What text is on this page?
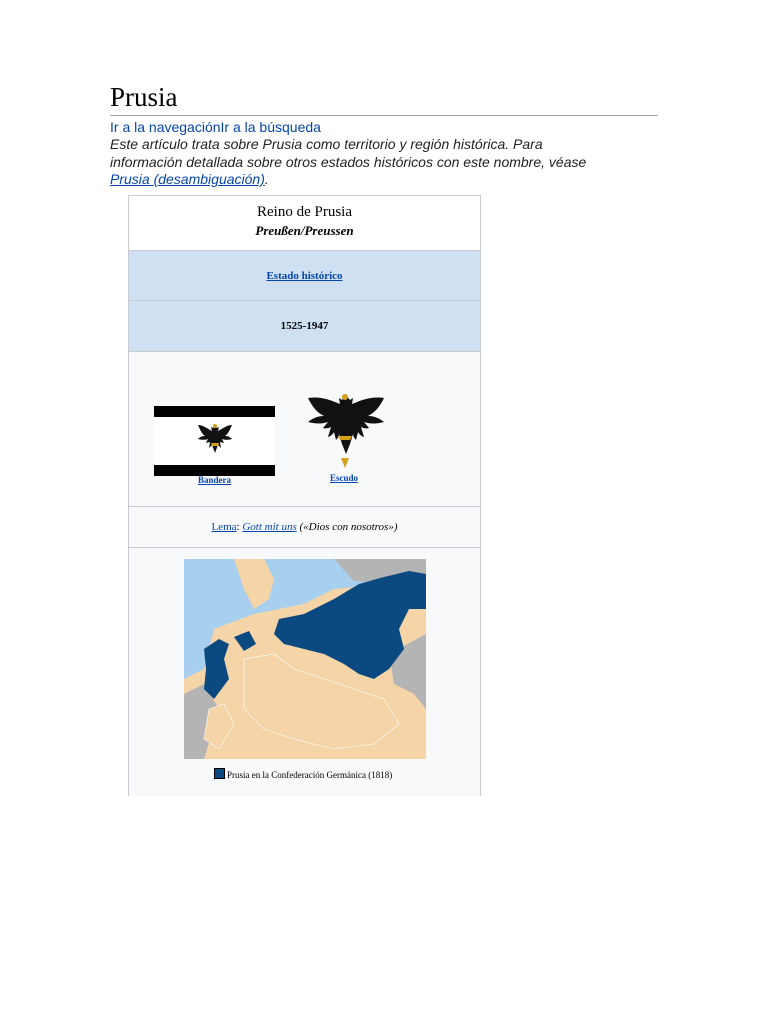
Prusia
Ir a la navegaciónIr a la búsqueda
Este artículo trata sobre Prusia como territorio y región histórica. Para información detallada sobre otros estados históricos con este nombre, véase Prusia (desambiguación).
Reino de Prusia
Preußen/Preussen
Estado histórico
1525-1947
Bandera	Escudo
Lema: Gott mit uns («Dios con nosotros»)
Prusia en la Confederación Germánica (1818)
